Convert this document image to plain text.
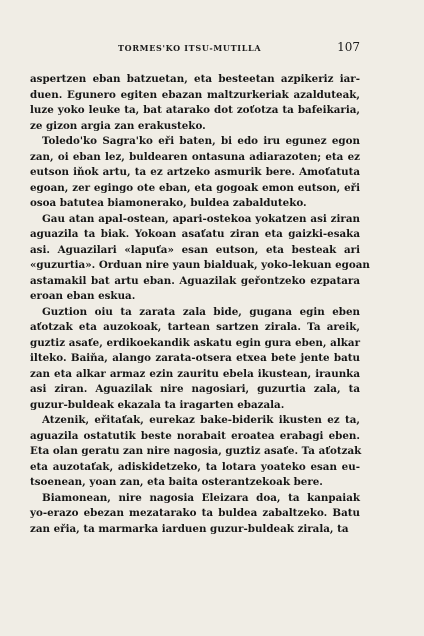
TORMES'KO ITSU-MUTILLA	107
aspertzen eban batzuetan, eta besteetan azpikeriz iar-
duen. Egunero egiten ebazan maltzurkeriak azalduteak,
luze yoko leuke ta, bat atarako dot zoťotza ta bafeikaria,
ze gizon argia zan erakusteko.
Toledo'ko Sagra'ko eři baten, bi edo iru egunez egon
zan, oi eban lez, buldearen ontasuna adiarazoten; eta ez
eutson iňok artu, ta ez artzeko asmurik bere. Amoťatuta
egoan, zer egingo ote eban, eta gogoak emon eutson, eři
osoa batutea biamonerako, buldea zabalduteko.
Gau atan apal-ostean, apari-ostekoa yokatzen asi ziran
aguazila ta biak. Yokoan asaťatu ziran eta gaizki-esaka
asi. Aguazilari «lapuťa» esan eutson, eta besteak ari
«guzurtia». Orduan nire yaun bialduak, yoko-lekuan egoan
astamakil bat artu eban. Aguazilak geřontzeko ezpatara
eroan eban eskua.
Guztion oiu ta zarata zala bide, gugana egin eben
aťotzak eta auzokoak, tartean sartzen zirala. Ta areik,
guztiz asaťe, erdikoekandik askatu egin gura eben, alkar
ilteko. Baiňa, alango zarata-otsera etxea bete jente batu
zan eta alkar armaz ezin zauritu ebela ikustean, iraunka
asi ziran. Aguazilak nire nagosiari, guzurtia zala, ta
guzur-buldeak ekazala ta iragarten ebazala.
Atzenik, eřitaťak, eurekaz bake-biderik ikusten ez ta,
aguazila ostatutik beste norabait eroatea erabagi eben.
Eta olan geratu zan nire nagosia, guztiz asaťe. Ta aťotzak
eta auzotaťak, adiskidetzeko, ta lotara yoateko esan eu-
tsoenean, yoan zan, eta baita osterantzekoak bere.
Biamonean, nire nagosia Eleizara doa, ta kanpaiak
yo-erazo ebezan mezatarako ta buldea zabaltzeko. Batu
zan eřia, ta marmarka iarduen guzur-buldeak zirala, ta
